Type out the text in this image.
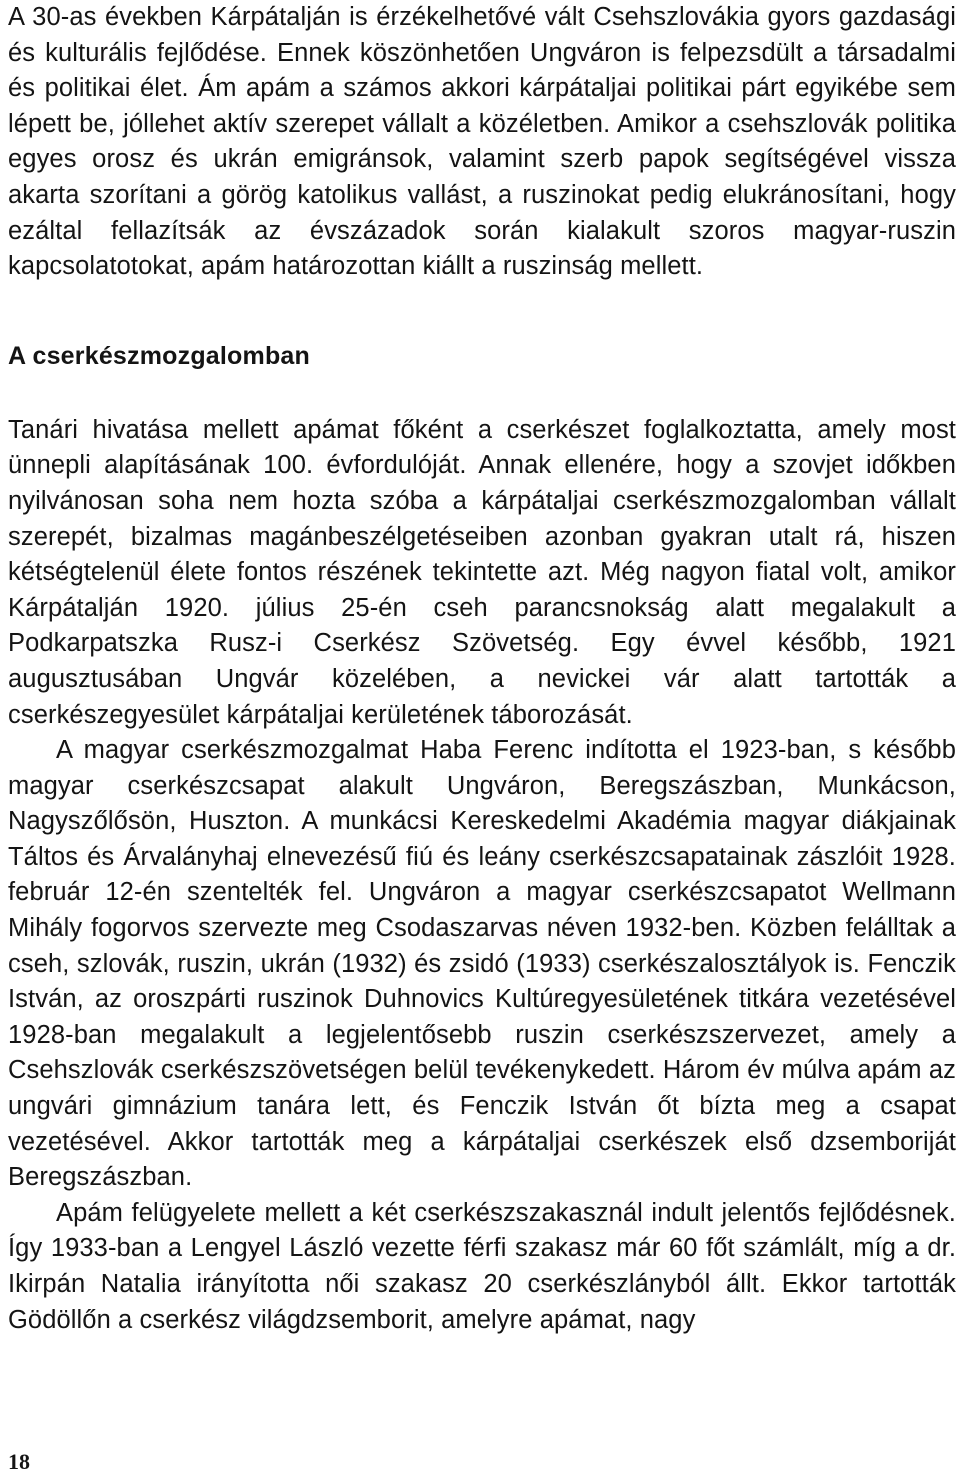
A 30-as években Kárpátalján is érzékelhetővé vált Csehszlovákia gyors gazdasági és kulturális fejlődése. Ennek köszönhetően Ungváron is felpezsdült a társadalmi és politikai élet. Ám apám a számos akkori kárpátaljai politikai párt egyikébe sem lépett be, jóllehet aktív szerepet vállalt a közéletben. Amikor a csehszlovák politika egyes orosz és ukrán emigránsok, valamint szerb papok segítségével vissza akarta szorítani a görög katolikus vallást, a ruszinokat pedig elukránosítani, hogy ezáltal fellazítsák az évszázadok során kialakult szoros magyar-ruszin kapcsolatotokat, apám határozottan kiállt a ruszinság mellett.

A cserkészmozgalomban

Tanári hivatása mellett apámat főként a cserkészet foglalkoztatta, amely most ünnepli alapításának 100. évfordulóját. Annak ellenére, hogy a szovjet időkben nyilvánosan soha nem hozta szóba a kárpátaljai cserkészmozgalomban vállalt szerepét, bizalmas magánbeszélgetéseiben azonban gyakran utalt rá, hiszen kétségtelenül élete fontos részének tekintette azt. Még nagyon fiatal volt, amikor Kárpátalján 1920. július 25-én cseh parancsnokság alatt megalakult a Podkarpatszka Rusz-i Cserkész Szövetség. Egy évvel később, 1921 augusztusában Ungvár közelében, a nevickei vár alatt tartották a cserkészegyesület kárpátaljai kerületének táborozását.

A magyar cserkészmozgalmat Haba Ferenc indította el 1923-ban, s később magyar cserkészcsapat alakult Ungváron, Beregszászban, Munkácson, Nagyszőlősön, Huszton. A munkácsi Kereskedelmi Akadémia magyar diákjainak Táltos és Árvalányhaj elnevezésű fiú és leány cserkészcsapatainak zászlóit 1928. február 12-én szentelték fel. Ungváron a magyar cserkészcsapatot Wellmann Mihály fogorvos szervezte meg Csodaszarvas néven 1932-ben. Közben felálltak a cseh, szlovák, ruszin, ukrán (1932) és zsidó (1933) cserkészalosztályok is. Fenczik István, az oroszpárti ruszinok Duhnovics Kultúregyesületének titkára vezetésével 1928-ban megalakult a legjelentősebb ruszin cserkészszervezet, amely a Csehszlovák cserkészszövetségen belül tevékenykedett. Három év múlva apám az ungvári gimnázium tanára lett, és Fenczik István őt bízta meg a csapat vezetésével. Akkor tartották meg a kárpátaljai cserkészek első dzsemboriját Beregszászban.

Apám felügyelete mellett a két cserkészszakasznál indult jelentős fejlődésnek. Így 1933-ban a Lengyel László vezette férfi szakasz már 60 főt számlált, míg a dr. Ikirpán Natalia irányította női szakasz 20 cserkészlányból állt. Ekkor tartották Gödöllőn a cserkész világdzsemborit, amelyre apámat, nagy

18
